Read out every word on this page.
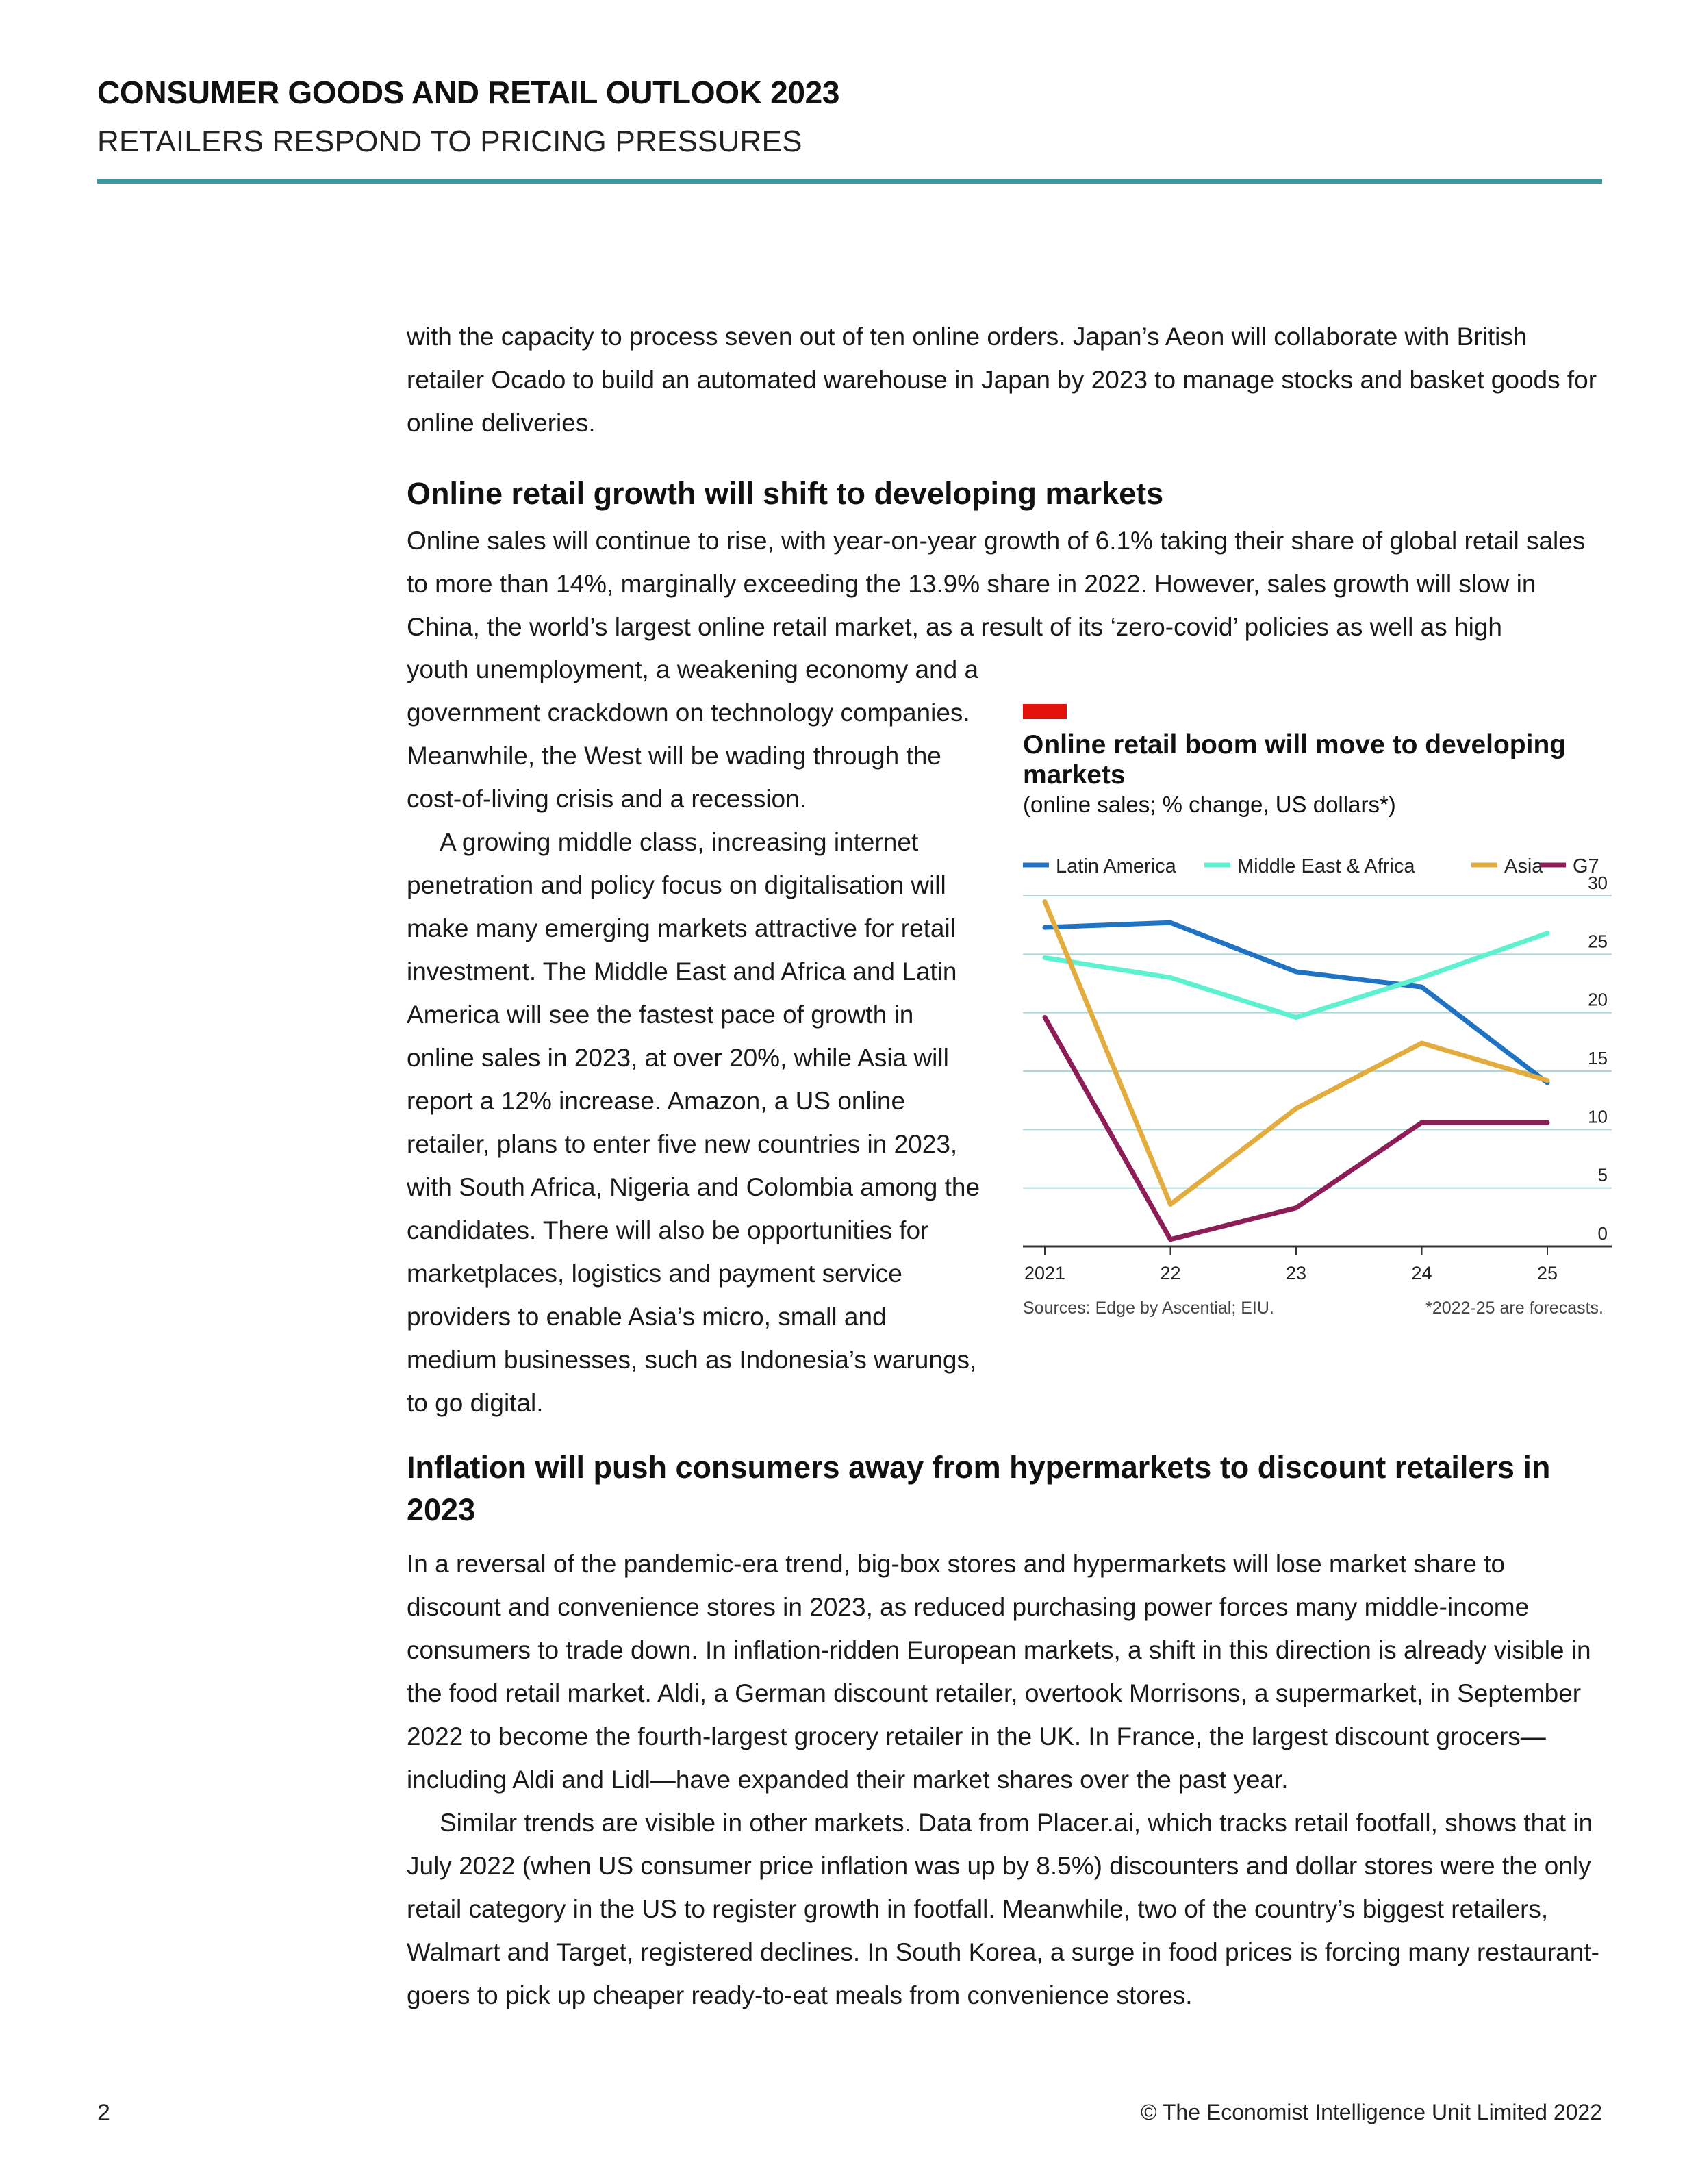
CONSUMER GOODS AND RETAIL OUTLOOK 2023
RETAILERS RESPOND TO PRICING PRESSURES

with the capacity to process seven out of ten online orders. Japan’s Aeon will collaborate with British retailer Ocado to build an automated warehouse in Japan by 2023 to manage stocks and basket goods for online deliveries.

Online retail growth will shift to developing markets

Online sales will continue to rise, with year-on-year growth of 6.1% taking their share of global retail sales to more than 14%, marginally exceeding the 13.9% share in 2022. However, sales growth will slow in China, the world’s largest online retail market, as a result of its ‘zero-covid’ policies as well as high

youth unemployment, a weakening economy and a government crackdown on technology companies. Meanwhile, the West will be wading through the cost-of-living crisis and a recession.

A growing middle class, increasing internet penetration and policy focus on digitalisation will make many emerging markets attractive for retail investment. The Middle East and Africa and Latin America will see the fastest pace of growth in online sales in 2023, at over 20%, while Asia will report a 12% increase. Amazon, a US online retailer, plans to enter five new countries in 2023, with South Africa, Nigeria and Colombia among the candidates. There will also be opportunities for marketplaces, logistics and payment service providers to enable Asia’s micro, small and medium businesses, such as Indonesia’s warungs, to go digital.

Online retail boom will move to developing markets
(online sales; % change, US dollars*)
Latin America	Middle East & Africa	Asia G7
0
5
10
15
20
25
30
2021	22	23	24	25
Sources: Edge by Ascential; EIU.	*2022-25 are forecasts.
Inflation will push consumers away from hypermarkets to discount retailers in 2023

In a reversal of the pandemic-era trend, big-box stores and hypermarkets will lose market share to discount and convenience stores in 2023, as reduced purchasing power forces many middle-income consumers to trade down. In inflation-ridden European markets, a shift in this direction is already visible in the food retail market. Aldi, a German discount retailer, overtook Morrisons, a supermarket, in September 2022 to become the fourth-largest grocery retailer in the UK. In France, the largest discount grocers—including Aldi and Lidl—have expanded their market shares over the past year.

Similar trends are visible in other markets. Data from Placer.ai, which tracks retail footfall, shows that in July 2022 (when US consumer price inflation was up by 8.5%) discounters and dollar stores were the only retail category in the US to register growth in footfall. Meanwhile, two of the country’s biggest retailers, Walmart and Target, registered declines. In South Korea, a surge in food prices is forcing many restaurant-goers to pick up cheaper ready-to-eat meals from convenience stores.

2	© The Economist Intelligence Unit Limited 2022
